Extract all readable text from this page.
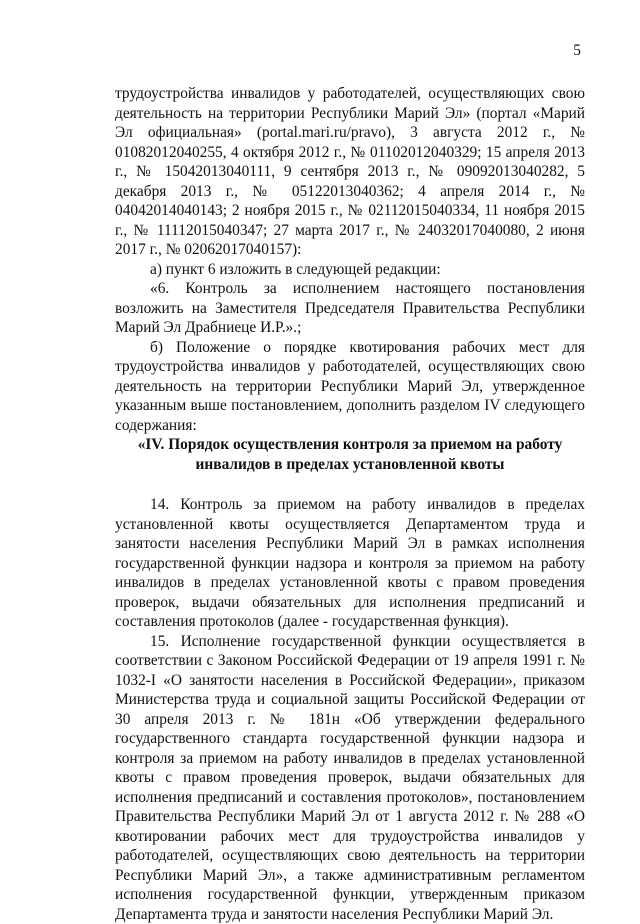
5

трудоустройства инвалидов у работодателей, осуществляющих свою деятельность на территории Республики Марий Эл» (портал «Марий Эл официальная» (portal.mari.ru/pravo), 3 августа 2012 г., № 01082012040255, 4 октября 2012 г., № 01102012040329; 15 апреля 2013 г., № 15042013040111, 9 сентября 2013 г., № 09092013040282, 5 декабря 2013 г., № 05122013040362; 4 апреля 2014 г., № 04042014040143; 2 ноября 2015 г., № 02112015040334, 11 ноября 2015 г., № 11112015040347; 27 марта 2017 г., № 24032017040080, 2 июня 2017 г., № 02062017040157):

а) пункт 6 изложить в следующей редакции:

«6. Контроль за исполнением настоящего постановления возложить на Заместителя Председателя Правительства Республики Марий Эл Драбниеце И.Р.».;

б) Положение о порядке квотирования рабочих мест для трудоустройства инвалидов у работодателей, осуществляющих свою деятельность на территории Республики Марий Эл, утвержденное указанным выше постановлением, дополнить разделом IV следующего содержания:

«IV. Порядок осуществления контроля за приемом на работу инвалидов в пределах установленной квоты

14. Контроль за приемом на работу инвалидов в пределах установленной квоты осуществляется Департаментом труда и занятости населения Республики Марий Эл в рамках исполнения государственной функции надзора и контроля за приемом на работу инвалидов в пределах установленной квоты с правом проведения проверок, выдачи обязательных для исполнения предписаний и составления протоколов (далее - государственная функция).

15. Исполнение государственной функции осуществляется в соответствии с Законом Российской Федерации от 19 апреля 1991 г. № 1032-I «О занятости населения в Российской Федерации», приказом Министерства труда и социальной защиты Российской Федерации от 30 апреля 2013 г. № 181н «Об утверждении федерального государственного стандарта государственной функции надзора и контроля за приемом на работу инвалидов в пределах установленной квоты с правом проведения проверок, выдачи обязательных для исполнения предписаний и составления протоколов», постановлением Правительства Республики Марий Эл от 1 августа 2012 г. № 288 «О квотировании рабочих мест для трудоустройства инвалидов у работодателей, осуществляющих свою деятельность на территории Республики Марий Эл», а также административным регламентом исполнения государственной функции, утвержденным приказом Департамента труда и занятости населения Республики Марий Эл.
